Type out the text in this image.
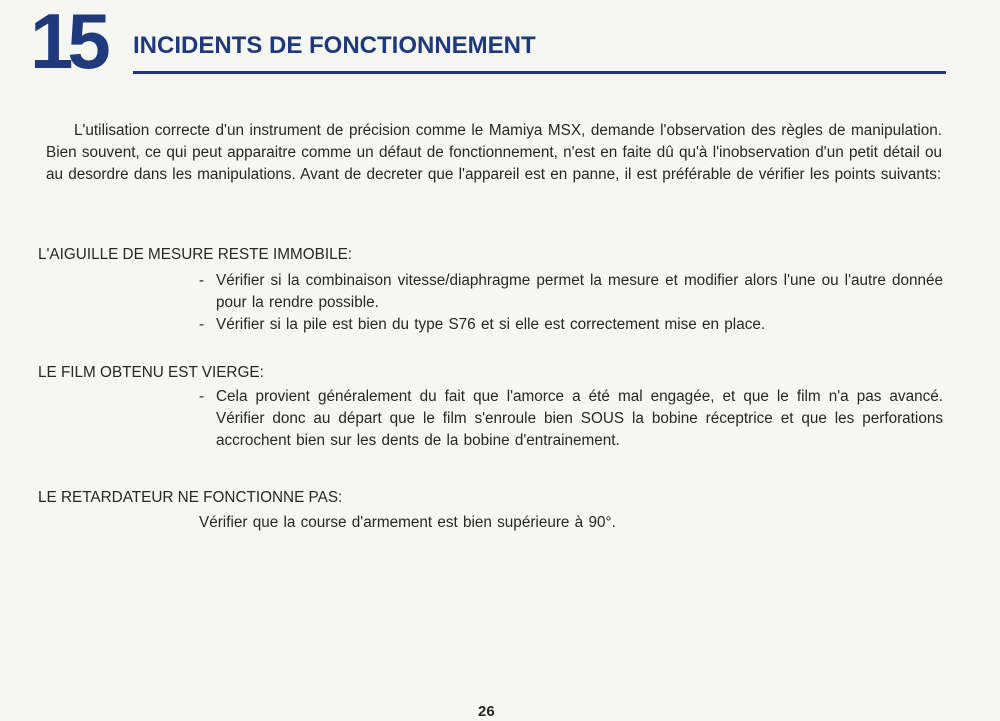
15 INCIDENTS DE FONCTIONNEMENT

L'utilisation correcte d'un instrument de précision comme le Mamiya MSX, demande l'observation des règles de manipulation. Bien souvent, ce qui peut apparaitre comme un défaut de fonctionnement, n'est en faite dû qu'à l'inobservation d'un petit détail ou au desordre dans les manipulations. Avant de decreter que l'appareil est en panne, il est préférable de vérifier les points suivants:

L'AIGUILLE DE MESURE RESTE IMMOBILE:
- Vérifier si la combinaison vitesse/diaphragme permet la mesure et modifier alors l'une ou l'autre donnée pour la rendre possible.
- Vérifier si la pile est bien du type S76 et si elle est correctement mise en place.
LE FILM OBTENU EST VIERGE:
- Cela provient généralement du fait que l'amorce a été mal engagée, et que le film n'a pas avancé. Vérifier donc au départ que le film s'enroule bien SOUS la bobine réceptrice et que les perforations accrochent bien sur les dents de la bobine d'entrainement.
LE RETARDATEUR NE FONCTIONNE PAS:

Vérifier que la course d'armement est bien supérieure à 90°.

26
